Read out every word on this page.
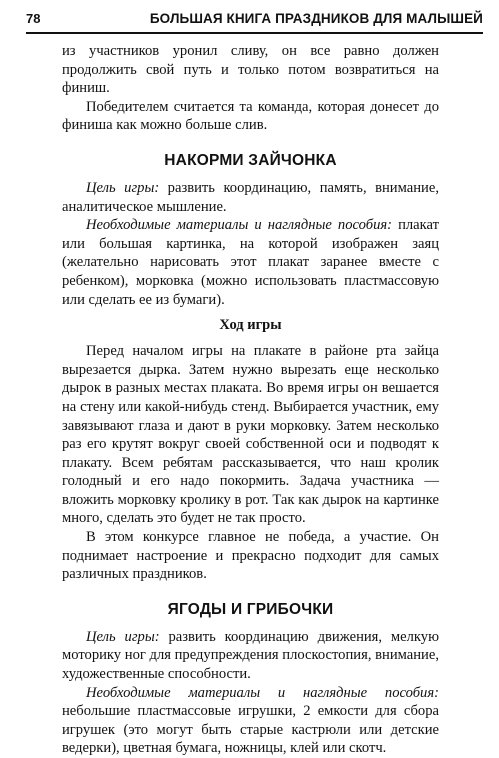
78	БОЛЬШАЯ КНИГА ПРАЗДНИКОВ ДЛЯ МАЛЫШЕЙ

из участников уронил сливу, он все равно должен продолжить свой путь и только потом возвратиться на финиш.

Победителем считается та команда, которая донесет до финиша как можно больше слив.

НАКОРМИ ЗАЙЧОНКА

Цель игры: развить координацию, память, внимание, аналитическое мышление.

Необходимые материалы и наглядные пособия: плакат или большая картинка, на которой изображен заяц (желательно нарисовать этот плакат заранее вместе с ребенком), морковка (можно использовать пластмассовую или сделать ее из бумаги).

Ход игры

Перед началом игры на плакате в районе рта зайца вырезается дырка. Затем нужно вырезать еще несколько дырок в разных местах плаката. Во время игры он вешается на стену или какой-нибудь стенд. Выбирается участник, ему завязывают глаза и дают в руки морковку. Затем несколько раз его крутят вокруг своей собственной оси и подводят к плакату. Всем ребятам рассказывается, что наш кролик голодный и его надо покормить. Задача участника — вложить морковку кролику в рот. Так как дырок на картинке много, сделать это будет не так просто.

В этом конкурсе главное не победа, а участие. Он поднимает настроение и прекрасно подходит для самых различных праздников.

ЯГОДЫ И ГРИБОЧКИ

Цель игры: развить координацию движения, мелкую моторику ног для предупреждения плоскостопия, внимание, художественные способности.

Необходимые материалы и наглядные пособия: небольшие пластмассовые игрушки, 2 емкости для сбора игрушек (это могут быть старые кастрюли или детские ведерки), цветная бумага, ножницы, клей или скотч.
